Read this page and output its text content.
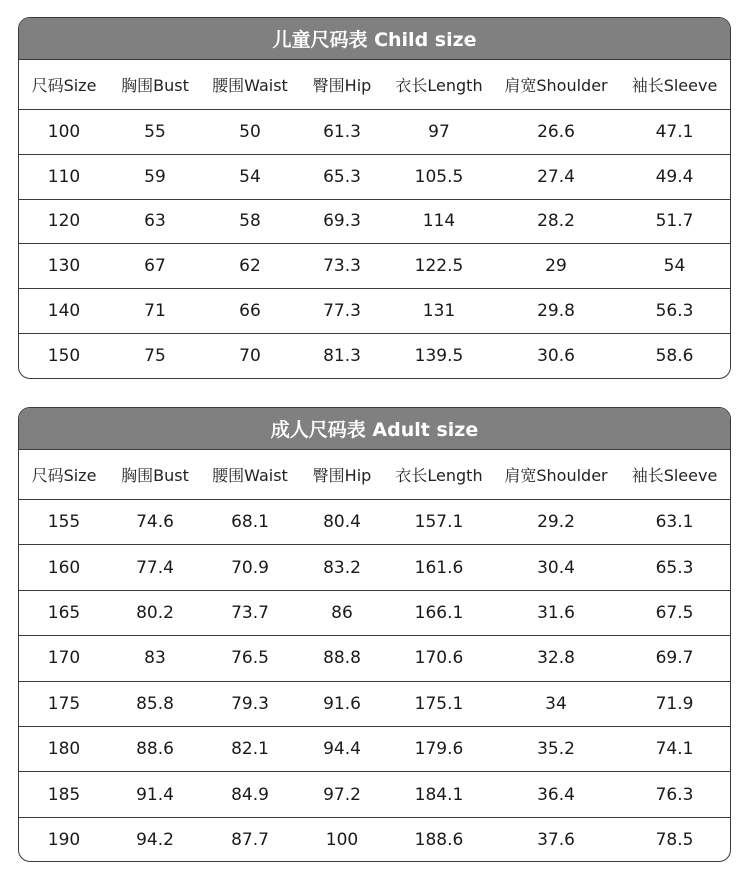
儿童尺码表 Child size
尺码Size	胸围Bust	腰围Waist	臀围Hip	衣长Length	肩宽Shoulder	袖长Sleeve
100	55	50	61.3	97	26.6	47.1
110	59	54	65.3	105.5	27.4	49.4
120	63	58	69.3	114	28.2	51.7
130	67	62	73.3	122.5	29	54
140	71	66	77.3	131	29.8	56.3
150	75	70	81.3	139.5	30.6	58.6
成人尺码表 Adult size
尺码Size	胸围Bust	腰围Waist	臀围Hip	衣长Length	肩宽Shoulder	袖长Sleeve
155	74.6	68.1	80.4	157.1	29.2	63.1
160	77.4	70.9	83.2	161.6	30.4	65.3
165	80.2	73.7	86	166.1	31.6	67.5
170	83	76.5	88.8	170.6	32.8	69.7
175	85.8	79.3	91.6	175.1	34	71.9
180	88.6	82.1	94.4	179.6	35.2	74.1
185	91.4	84.9	97.2	184.1	36.4	76.3
190	94.2	87.7	100	188.6	37.6	78.5
